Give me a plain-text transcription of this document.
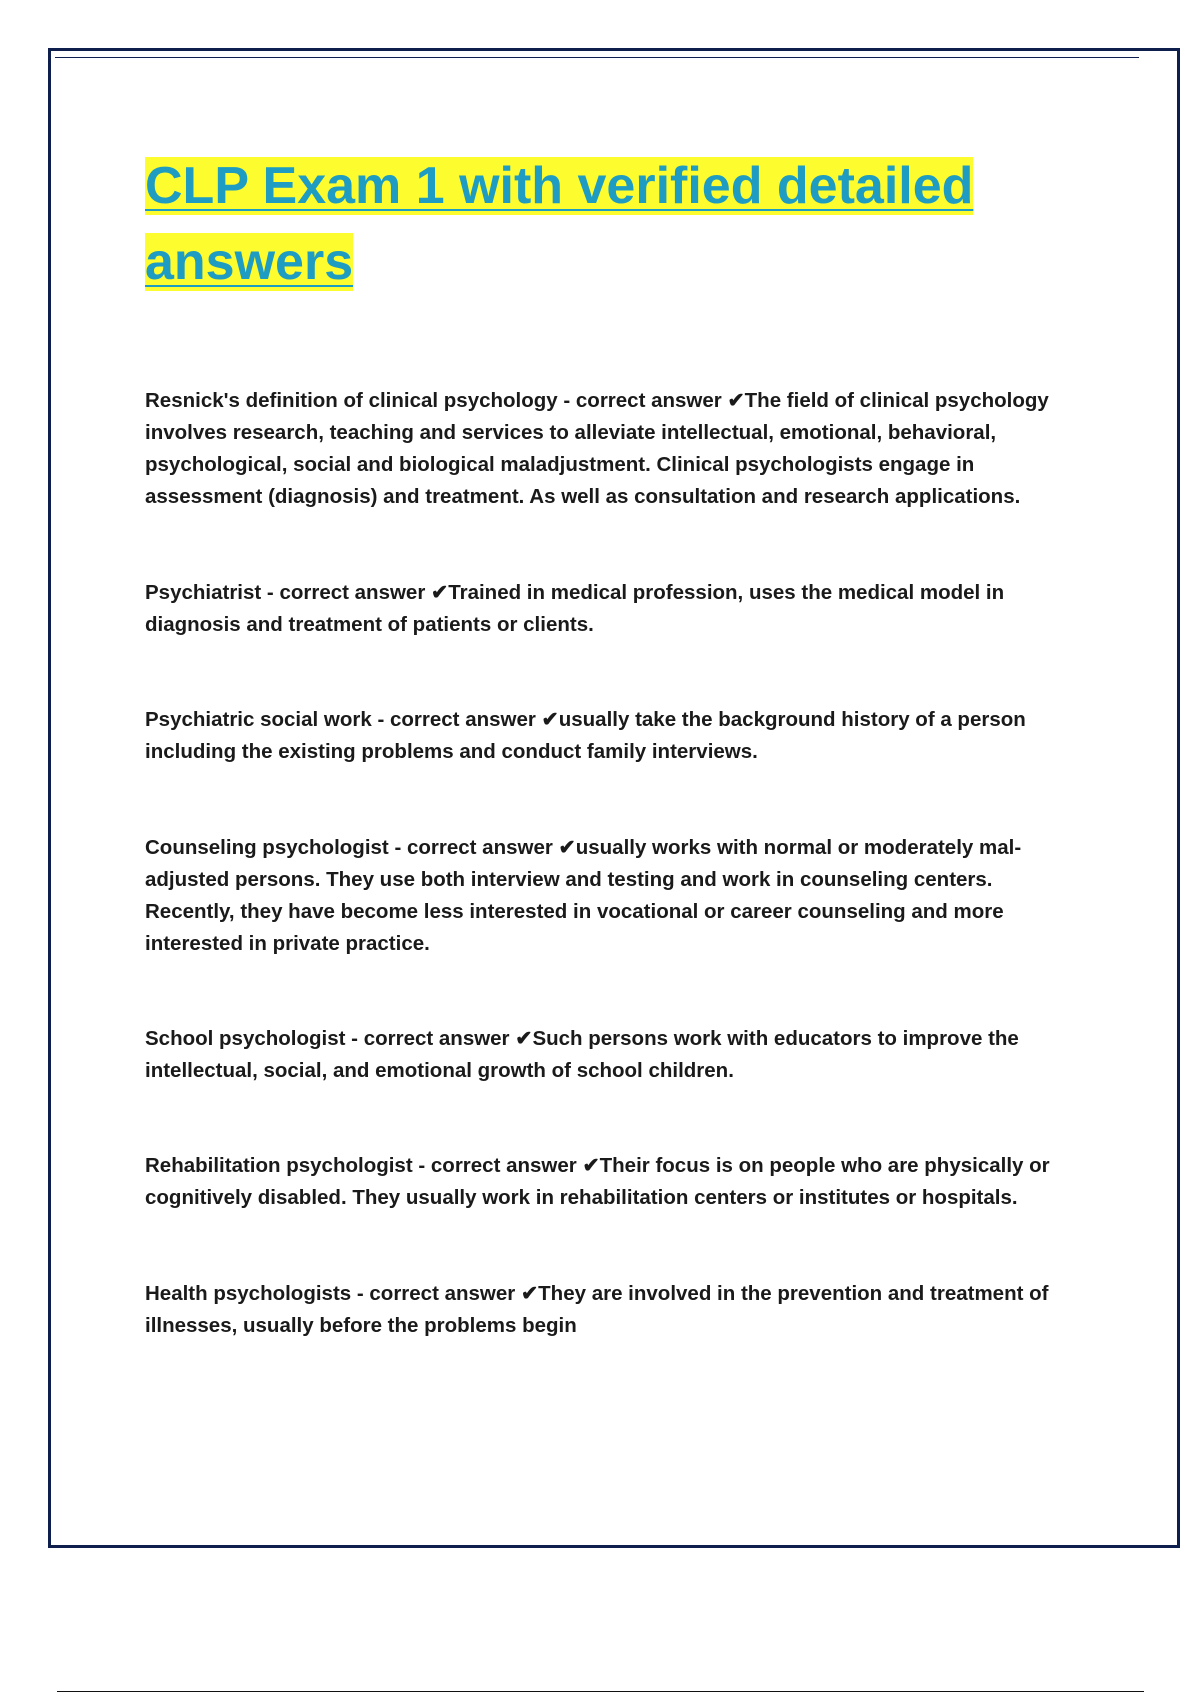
CLP Exam 1 with verified detailed answers

Resnick's definition of clinical psychology - correct answer ✔The field of clinical psychology involves research, teaching and services to alleviate intellectual, emotional, behavioral, psychological, social and biological maladjustment. Clinical psychologists engage in assessment (diagnosis) and treatment. As well as consultation and research applications.

Psychiatrist - correct answer ✔Trained in medical profession, uses the medical model in diagnosis and treatment of patients or clients.

Psychiatric social work - correct answer ✔usually take the background history of a person including the existing problems and conduct family interviews.

Counseling psychologist - correct answer ✔usually works with normal or moderately mal-adjusted persons. They use both interview and testing and work in counseling centers. Recently, they have become less interested in vocational or career counseling and more interested in private practice.

School psychologist - correct answer ✔Such persons work with educators to improve the intellectual, social, and emotional growth of school children.

Rehabilitation psychologist - correct answer ✔Their focus is on people who are physically or cognitively disabled. They usually work in rehabilitation centers or institutes or hospitals.

Health psychologists - correct answer ✔They are involved in the prevention and treatment of illnesses, usually before the problems begin
